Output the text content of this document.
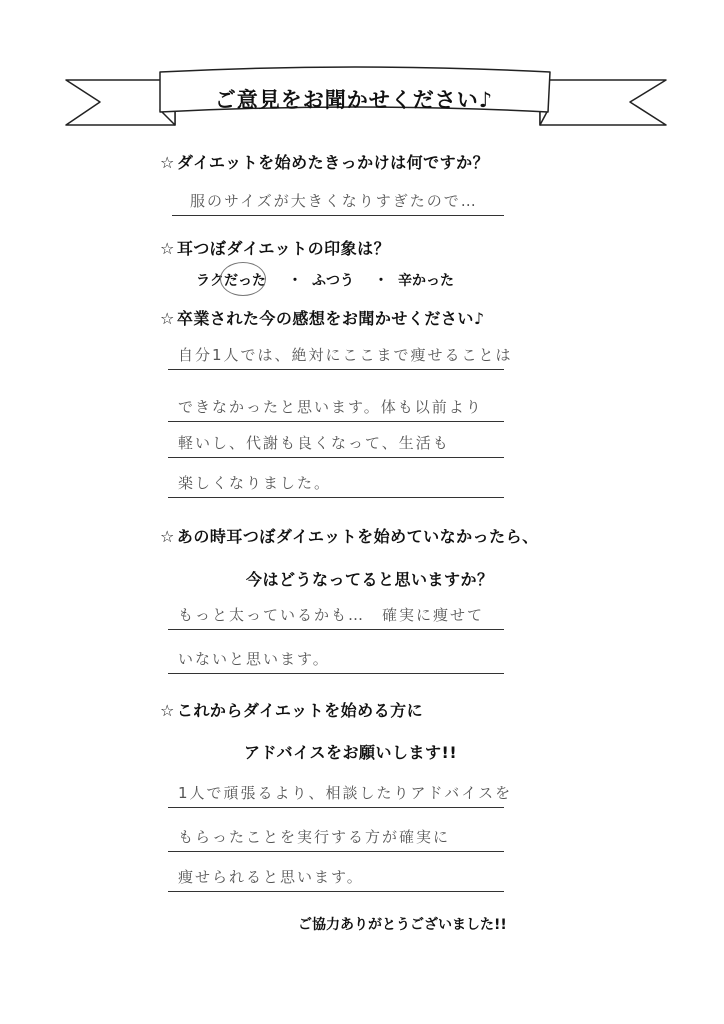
ご意見をお聞かせください♪
☆ ダイエットを始めたきっかけは何ですか？
服のサイズが大きくなりすぎたので…
☆ 耳つぼダイエットの印象は？
ラクだった ・ ふつう ・ 辛かった
☆ 卒業された今の感想をお聞かせください♪
自分1人では、絶対にここまで痩せることは
できなかったと思います。体も以前より
軽いし、代謝も良くなって、生活も
楽しくなりました。
☆ あの時耳つぼダイエットを始めていなかったら、
今はどうなってると思いますか？
もっと太っているかも…　確実に痩せて
いないと思います。
☆ これからダイエットを始める方に
アドバイスをお願いします!!
1人で頑張るより、相談したりアドバイスを
もらったことを実行する方が確実に
痩せられると思います。
ご協力ありがとうございました!!
